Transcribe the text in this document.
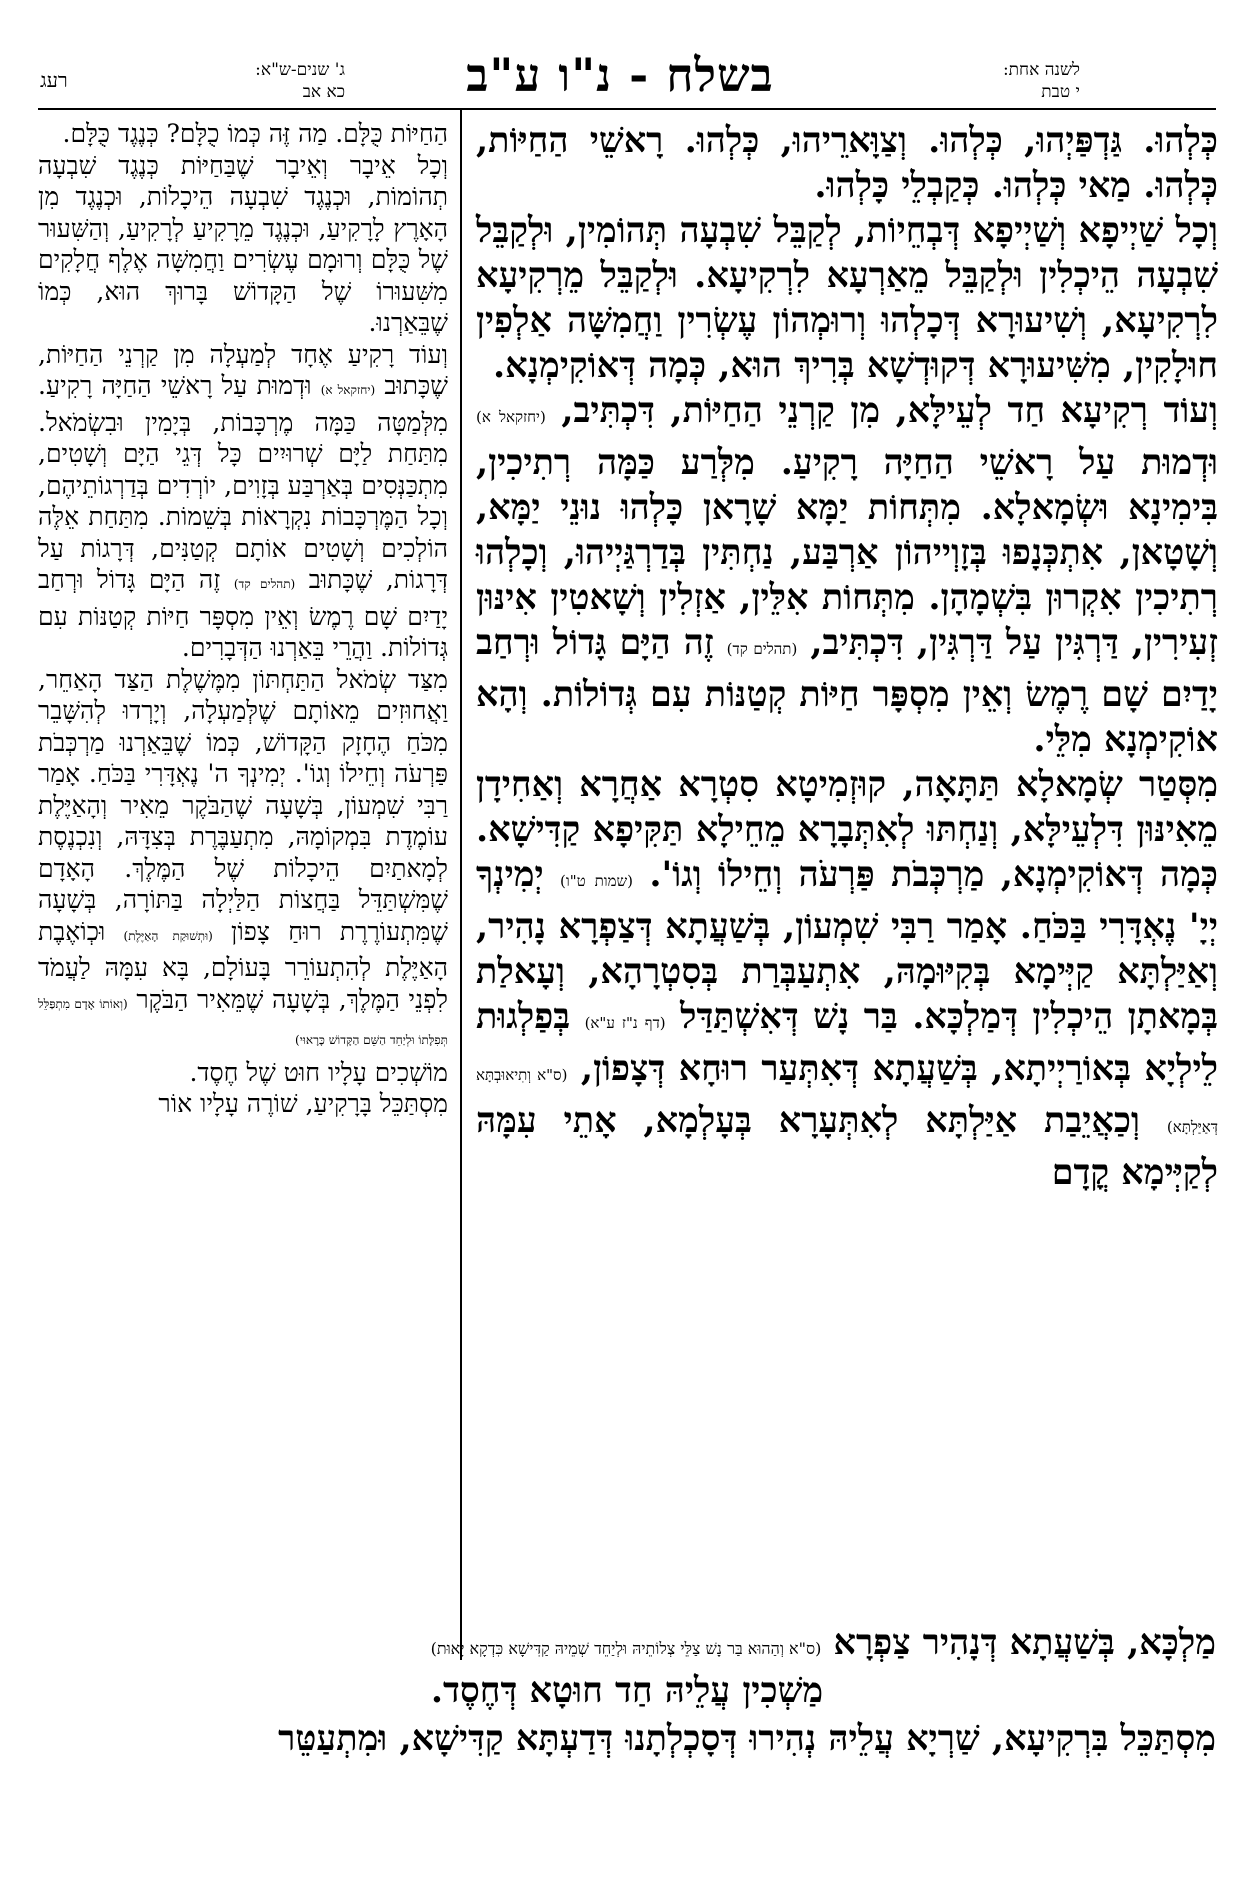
לשנה אחת:
י טבת
בשלח - נ"ו ע"ב
ג' שנים-ש"א:
כא אב
רעג

כְּלְהוּ. גַּדְפַּיְהוּ, כְּלְהוּ. וְצַוָּארֵיהוּ, כְּלְהוּ. רָאשֵׁי הַחַיּוֹת, כְּלְהוּ. מַאי כְּלְהוּ. כְּקַבְלֵי כָּלְהוּ.

וְכָל שַׁיְיפָא וְשַׁיְיפָא דְּבְחֵיוֹת, לְקַבֵּל שִׁבְעָה תְּהוֹמִין, וּלְקַבֵּל שִׁבְעָה הֵיכְלִין וּלְקַבֵּל מֵאַרְעָא לִרְקִיעָא. וּלְקַבֵּל מֵרְקִיעָא לִרְקִיעָא, וְשִׁיעוּרָא דְּכָלְהוּ וְרוּמְהוֹן עֶשְׂרִין וַחֲמִשָּׁה אַלְפִין חוּלָקִין, מִשִּׁיעוּרָא דְּקוּדְשָׁא בְּרִיךְ הוּא, כְּמָה דְּאוֹקִימְנָא.

וְעוֹד רְקִיעָא חַד לְעֵילָּא, מִן קַרְנֵי הַחַיּוֹת, דִּכְתִּיב, (יחזקאל א) וּדְמוּת עַל רָאשֵׁי הַחַיָּה רָקִיעַ. מִלְּרַע כַּמָּה רְתִיכִין, בִּימִינָא וּשְׂמָאלָא. מִתְּחוֹת יַמָּא שָׁרָאן כָּלְהוּ נוּנֵי יַמָּא, וְשָׁטָאן, אִתְכְּנָפוּ בְּזָוְייהוֹן אַרְבַּע, נַחְתִּין בְּדַרְגַּיְיהוּ, וְכָלְהוּ רְתִיכִין אִקְרוּן בִּשְׁמָהָן. מִתְּחוֹת אִלֵּין, אַזְלִין וְשָׁאטִין אִינּוּן זְעִירִין, דַּרְגִּין עַל דַּרְגִּין, דִּכְתִּיב, (תהלים קד) זֶה הַיָּם גָּדוֹל וּרְחַב יָדַיִם שָׁם רֶמֶשׂ וְאֵין מִסְפָּר חַיּוֹת קְטַנּוֹת עִם גְּדוֹלוֹת. וְהָא אוֹקִימְנָא מִלֵּי.

מִסְּטַר שְׂמָאלָא תַּתָּאָה, קוּזְמִיטָא סִטְרָא אַחֲרָא וְאַחִידָן מֵאִינּוּן דִּלְעֵילָּא, וְנַחְתּוּ לְאִתְּבָרָא מֵחֵילָא תַּקִּיפָא קַדִּישָׁא. כְּמָה דְּאוֹקִימְנָא, מַרְכְּבֹת פַּרְעֹה וְחֵילוֹ וְגוֹ'. (שמות ט"ו) יְמִינְךָ יְיָ' נֶאְדָּרִי בַּכֹּחַ. אָמַר רַבִּי שִׁמְעוֹן, בְּשַׁעֲתָא דְּצַפְרָא נָהִיר, וְאַיַּלְתָּא קַיְּימָא בְּקִיּוּמָהּ, אִתְעַבְּרַת בְּסִטְרָהָא, וְעָאלַת בְּמָאתָן הֵיכְלִין דְּמַלְכָּא. בַּר נָשׁ דְּאִשְׁתַּדַּל (דף נ"ז ע"א) בְּפַלְגוּת לֵילְיָא בְּאוֹרַיְיתָא, בְּשַׁעֲתָא דְּאִתְּעַר רוּחָא דְּצָפוֹן, (ס"א וְתִיאוּבְתָּא דְּאַיַּלְתָּא) וְכַאֲיֵבַת אַיַּלְתָּא לְאִתְּעָרָא בְּעָלְמָא, אָתֵי עִמָּהּ לְקַיְּימָא קֳדָם

הַחַיּוֹת כֻּלָּם. מַה זֶּה כְּמוֹ כֻלָּם? כְּנֶגֶד כֻּלָּם.

וְכָל אֵיבָר וְאֵיבָר שֶׁבַּחַיּוֹת כְּנֶגֶד שִׁבְעָה תְהוֹמוֹת, וּכְנֶגֶד שִׁבְעָה הֵיכָלוֹת, וּכְנֶגֶד מִן הָאָרֶץ לָרָקִיעַ, וּכְנֶגֶד מֵרָקִיעַ לְרָקִיעַ, וְהַשִּׁעוּר שֶׁל כֻּלָּם וְרוּמָם עֶשְׂרִים וַחֲמִשָּׁה אֶלֶף חֲלָקִים מִשִּׁעוּרוֹ שֶׁל הַקָּדוֹשׁ בָּרוּךְ הוּא, כְּמוֹ שֶׁבֵּאַרְנוּ.

וְעוֹד רָקִיעַ אֶחָד לְמַעְלָה מִן קַרְנֵי הַחַיּוֹת, שֶׁכָּתוּב (יחזקאל א) וּדְמוּת עַל רָאשֵׁי הַחַיָּה רָקִיעַ. מִלְּמַטָּה כַּמָּה מֶרְכָּבוֹת, בְּיָמִין וּבִשְׂמֹאל. מִתַּחַת לַיָּם שְׁרוּיִים כָּל דְּגֵי הַיָּם וְשָׁטִים, מִתְכַּנְּסִים בְּאַרְבַּע בְּזָוִים, יוֹרְדִים בְּדַרְגוֹתֵיהֶם, וְכָל הַמֶּרְכָּבוֹת נִקְרָאוֹת בְּשֵׁמוֹת. מִתַּחַת אֵלֶּה הוֹלְכִים וְשָׁטִים אוֹתָם קְטַנִּים, דְּרָגוֹת עַל דְּרָגוֹת, שֶׁכָּתוּב (תהלים קד) זֶה הַיָּם גָּדוֹל וּרְחַב יָדַיִם שָׁם רֶמֶשׂ וְאֵין מִסְפָּר חַיּוֹת קְטַנּוֹת עִם גְּדוֹלוֹת. וַהֲרֵי בֵּאַרְנוּ הַדְּבָרִים.

מִצַּד שְׂמֹאל הַתַּחְתּוֹן מִמֶּשֶׁלֶת הַצַּד הָאַחֵר, וַאֲחוּזִים מֵאוֹתָם שֶׁלְּמַעְלָה, וְיָרְדוּ לְהִשָּׁבֵר מִכֹּחַ הֶחָזָק הַקָּדוֹשׁ, כְּמוֹ שֶׁבֵּאַרְנוּ מַרְכְּבֹת פַּרְעֹה וְחֵילוֹ וְגוֹ'. יְמִינְךָ ה' נֶאְדָּרִי בַּכֹּחַ. אָמַר רַבִּי שִׁמְעוֹן, בְּשָׁעָה שֶׁהַבֹּקֶר מֵאִיר וְהָאַיֶּלֶת עוֹמֶדֶת בִּמְקוֹמָהּ, מִתְעַבֶּרֶת בְּצִדָּהּ, וְנִכְנֶסֶת לְמָאתַיִם הֵיכָלוֹת שֶׁל הַמֶּלֶךְ. הָאָדָם שֶׁמִּשְׁתַּדֵּל בַּחֲצוֹת הַלַּיְלָה בַּתּוֹרָה, בְּשָׁעָה שֶׁמִּתְעוֹרֶרֶת רוּחַ צָפוֹן (וּתְשׁוּקַת הָאַיֶּלֶת) וּכְוֹאֶבֶת הָאַיֶּלֶת לְהִתְעוֹרֵר בָּעוֹלָם, בָּא עִמָּהּ לַעֲמֹד לִפְנֵי הַמֶּלֶךְ, בְּשָׁעָה שֶׁמֵּאִיר הַבֹּקֶר (וְאוֹתוֹ אָדָם מִתְפַּלֵּל תְּפִלָּתוֹ וּלְיַחֵד הַשֵּׁם הַקָּדוֹשׁ כָּרָאוּי)

מוֹשְׁכִים עָלָיו חוּט שֶׁל חֶסֶד.

מִסְתַּכֵּל בָּרָקִיעַ, שׁוֹרֶה עָלָיו אוֹר

מַלְכָּא, בְּשַׁעֲתָא דְּנָהִיר צַפְרָא (ס"א וְהַהוּא בַּר נָשׁ צַלֵּי צְלוֹתֵיהּ וּלְיַחֵד שְׁמֵיהּ קַדִּישָׁא כִּדְקָא יָאוּת)
מַשְׁכִין עֲלֵיהּ חַד חוּטָא דְּחֶסֶד.
מִסְתַּכֵּל בִּרְקִיעָא, שַׁרְיָא עֲלֵיהּ נְהִירוּ דְּסָכְלְתָנוּ דְּדַעְתָּא קַדִּישָׁא, וּמִתְעַטֵּר
